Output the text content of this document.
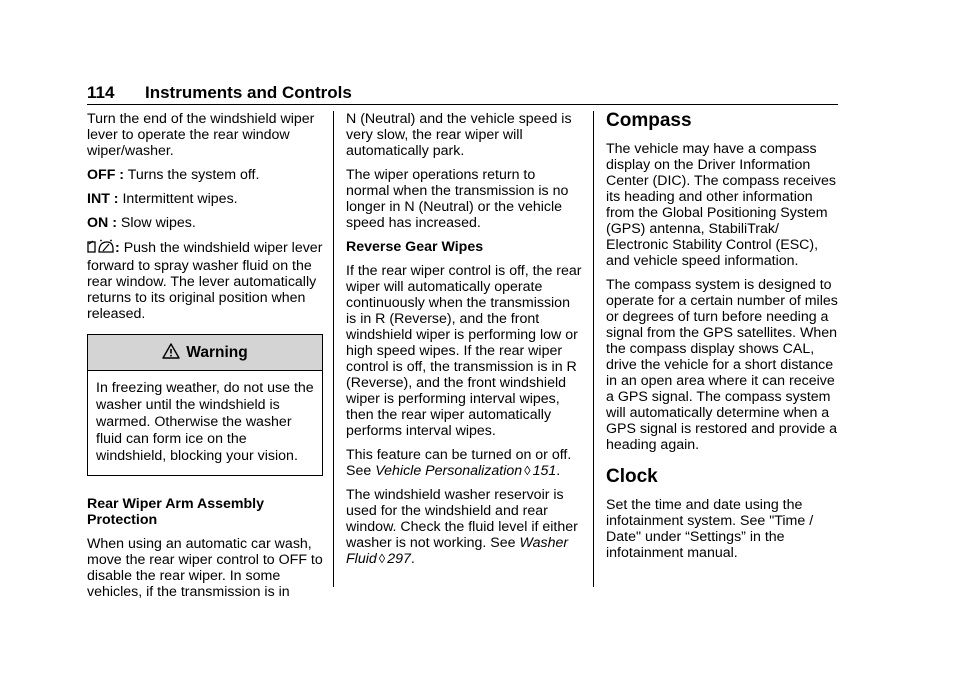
114 Instruments and Controls

Turn the end of the windshield wiper lever to operate the rear window wiper/washer.

OFF : Turns the system off.

INT : Intermittent wipes.

ON : Slow wipes.

: Push the windshield wiper lever forward to spray washer fluid on the rear window. The lever automatically returns to its original position when released.

Warning
In freezing weather, do not use the washer until the windshield is warmed. Otherwise the washer fluid can form ice on the windshield, blocking your vision.

Rear Wiper Arm Assembly Protection

When using an automatic car wash, move the rear wiper control to OFF to disable the rear wiper. In some vehicles, if the transmission is in

N (Neutral) and the vehicle speed is very slow, the rear wiper will automatically park.

The wiper operations return to normal when the transmission is no longer in N (Neutral) or the vehicle speed has increased.

Reverse Gear Wipes

If the rear wiper control is off, the rear wiper will automatically operate continuously when the transmission is in R (Reverse), and the front windshield wiper is performing low or high speed wipes. If the rear wiper control is off, the transmission is in R (Reverse), and the front windshield wiper is performing interval wipes, then the rear wiper automatically performs interval wipes.

This feature can be turned on or off. See Vehicle Personalization ◊ 151.

The windshield washer reservoir is used for the windshield and rear window. Check the fluid level if either washer is not working. See Washer Fluid ◊ 297.

Compass

The vehicle may have a compass display on the Driver Information Center (DIC). The compass receives its heading and other information from the Global Positioning System (GPS) antenna, StabiliTrak/ Electronic Stability Control (ESC), and vehicle speed information.

The compass system is designed to operate for a certain number of miles or degrees of turn before needing a signal from the GPS satellites. When the compass display shows CAL, drive the vehicle for a short distance in an open area where it can receive a GPS signal. The compass system will automatically determine when a GPS signal is restored and provide a heading again.

Clock

Set the time and date using the infotainment system. See "Time / Date" under “Settings” in the infotainment manual.
